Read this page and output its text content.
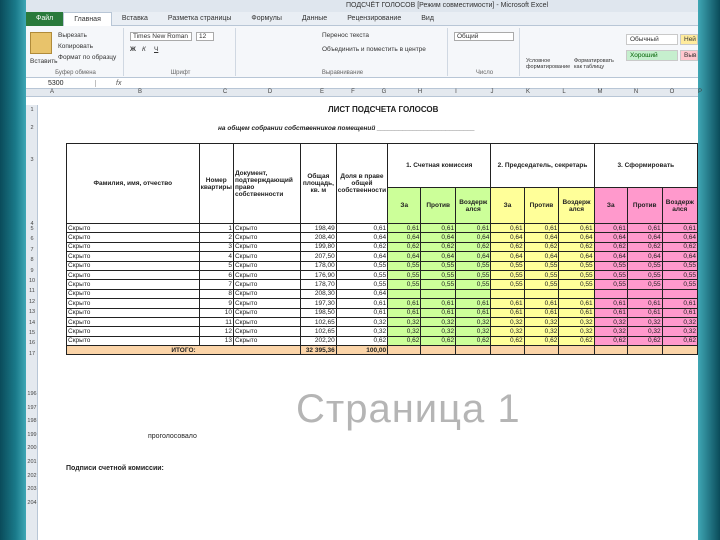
ПОДСЧЁТ ГОЛОСОВ [Режим совместимости] - Microsoft Excel
Файл	Главная	Вставка	Разметка страницы	Формулы	Данные	Рецензирование	Вид
Вставить
Вырезать
Копировать
Формат по образцу
Буфер обмена
Times New Roman	12
Ж К Ч
Шрифт
Перенос текста
Объединить и поместить в центре
Выравнивание
Общий
Число
Условное форматирование
Форматировать как таблицу
Обычный
Хороший
Ней
Выв
5300	fx
A	B	C	D	E	F	G	H	I	J	K	L	M	N	O	P
1
2
3
4
5
6
7
8
9
10
11
12
13
14
15
16
17
196
197
198
199
200
201
202
203
204
ЛИСТ ПОДСЧЕТА ГОЛОСОВ
на общем собрании собственников помещений ___________________________
Фамилия, имя, отчество	Номер квартиры	Документ, подтверждающий право собственности	Общая площадь, кв. м	Доля в праве общей собственности	1. Счетная комиссия			2. Председатель, секретарь			3. Сформировать		
					За	Против	Воздерж ался	За	Против	Воздерж ался	За	Против	Воздерж ался
Скрыто	1	Скрыто	198,49	0,61	0,61	0,61	0,61	0,61	0,61	0,61	0,61	0,61	0,61
Скрыто	2	Скрыто	208,40	0,64	0,64	0,64	0,64	0,64	0,64	0,64	0,64	0,64	0,64
Скрыто	3	Скрыто	199,80	0,62	0,62	0,62	0,62	0,62	0,62	0,62	0,62	0,62	0,62
Скрыто	4	Скрыто	207,50	0,64	0,64	0,64	0,64	0,64	0,64	0,64	0,64	0,64	0,64
Скрыто	5	Скрыто	178,00	0,55	0,55	0,55	0,55	0,55	0,55	0,55	0,55	0,55	0,55
Скрыто	6	Скрыто	176,90	0,55	0,55	0,55	0,55	0,55	0,55	0,55	0,55	0,55	0,55
Скрыто	7	Скрыто	178,70	0,55	0,55	0,55	0,55	0,55	0,55	0,55	0,55	0,55	0,55
Скрыто	8	Скрыто	208,30	0,64									
Скрыто	9	Скрыто	197,30	0,61	0,61	0,61	0,61	0,61	0,61	0,61	0,61	0,61	0,61
Скрыто	10	Скрыто	198,50	0,61	0,61	0,61	0,61	0,61	0,61	0,61	0,61	0,61	0,61
Скрыто	11	Скрыто	102,65	0,32	0,32	0,32	0,32	0,32	0,32	0,32	0,32	0,32	0,32
Скрыто	12	Скрыто	102,65	0,32	0,32	0,32	0,32	0,32	0,32	0,32	0,32	0,32	0,32
Скрыто	13	Скрыто	202,20	0,62	0,62	0,62	0,62	0,62	0,62	0,62	0,62	0,62	0,62
ИТОГО:			32 395,36	100,00									
проголосовало
Подписи счетной комиссии:
Страница 1
